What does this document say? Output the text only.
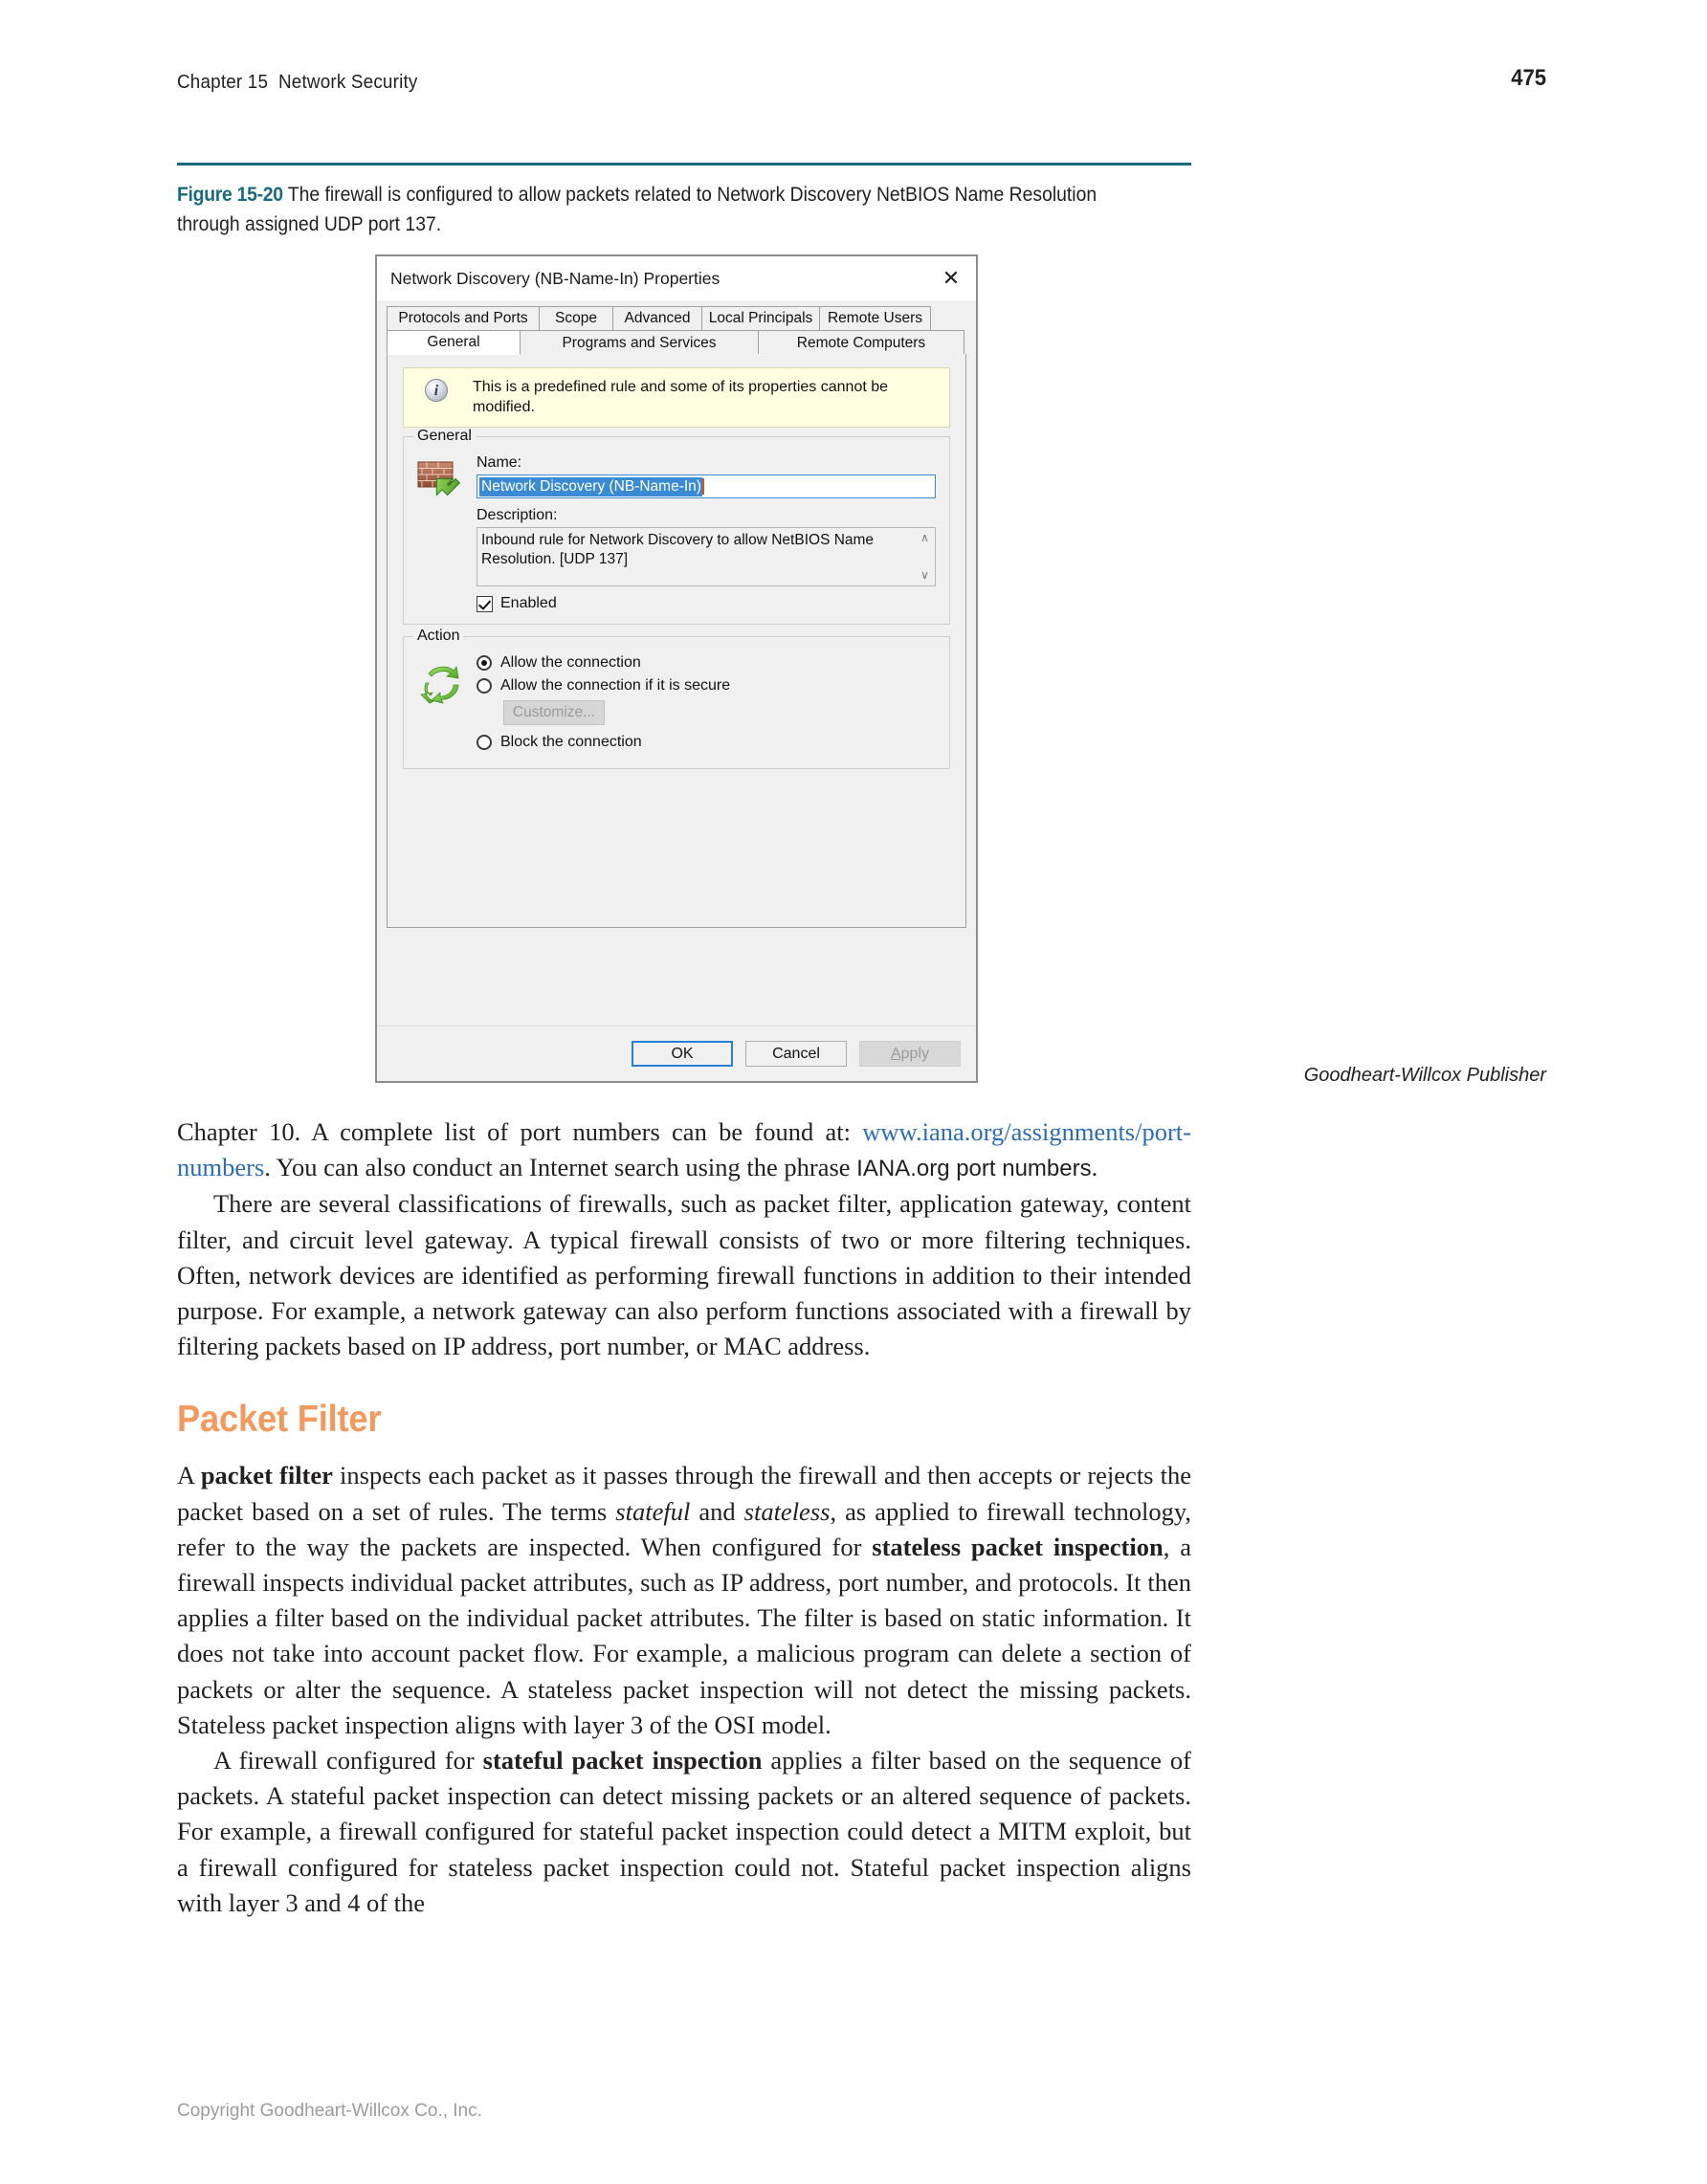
Chapter 15  Network Security	475
Figure 15-20 The firewall is configured to allow packets related to Network Discovery NetBIOS Name Resolution through assigned UDP port 137.
Network Discovery (NB-Name-In) Properties	✕
Protocols and Ports	Scope	Advanced	Local Principals	Remote Users
General	Programs and Services	Remote Computers
i	This is a predefined rule and some of its properties cannot be modified.
General
Name:
Network Discovery (NB-Name-In)
Description:
Inbound rule for Network Discovery to allow NetBIOS Name Resolution. [UDP 137]
∧
∨
Enabled
Action
Allow the connection
Allow the connection if it is secure
Customize...
Block the connection
OK	Cancel	A pply
Goodheart-Willcox Publisher

Chapter 10. A complete list of port numbers can be found at: www.iana.org/assignments/port-numbers. You can also conduct an Internet search using the phrase IANA.org port numbers.

There are several classifications of firewalls, such as packet filter, application gateway, content filter, and circuit level gateway. A typical firewall consists of two or more filtering techniques. Often, network devices are identified as performing firewall functions in addition to their intended purpose. For example, a network gateway can also perform functions associated with a firewall by filtering packets based on IP address, port number, or MAC address.

Packet Filter

A packet filter inspects each packet as it passes through the firewall and then accepts or rejects the packet based on a set of rules. The terms stateful and stateless, as applied to firewall technology, refer to the way the packets are inspected. When configured for stateless packet inspection, a firewall inspects individual packet attributes, such as IP address, port number, and protocols. It then applies a filter based on the individual packet attributes. The filter is based on static information. It does not take into account packet flow. For example, a malicious program can delete a section of packets or alter the sequence. A stateless packet inspection will not detect the missing packets. Stateless packet inspection aligns with layer 3 of the OSI model.

A firewall configured for stateful packet inspection applies a filter based on the sequence of packets. A stateful packet inspection can detect missing packets or an altered sequence of packets. For example, a firewall configured for stateful packet inspection could detect a MITM exploit, but a firewall configured for stateless packet inspection could not. Stateful packet inspection aligns with layer 3 and 4 of the

Copyright Goodheart-Willcox Co., Inc.
